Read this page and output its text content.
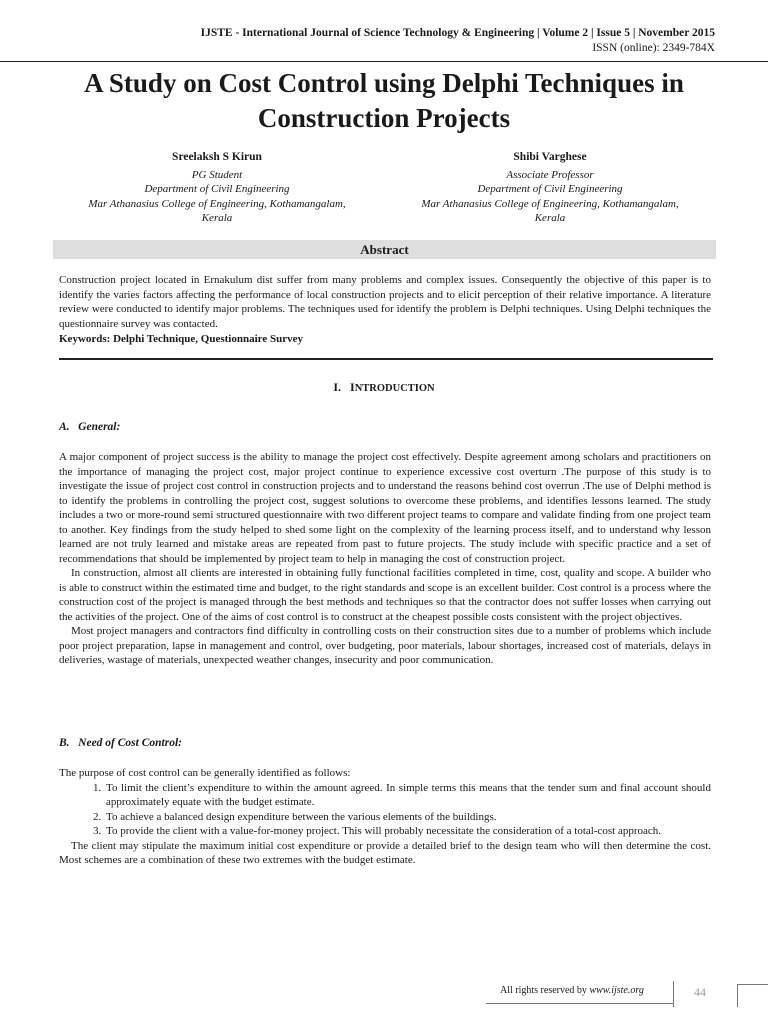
IJSTE - International Journal of Science Technology & Engineering | Volume 2 | Issue 5 | November 2015
ISSN (online): 2349-784X
A Study on Cost Control using Delphi Techniques in Construction Projects
Sreelaksh S Kirun
PG Student
Department of Civil Engineering
Mar Athanasius College of Engineering, Kothamangalam,
Kerala
Shibi Varghese
Associate Professor
Department of Civil Engineering
Mar Athanasius College of Engineering, Kothamangalam,
Kerala
Abstract
Construction project located in Ernakulum dist suffer from many problems and complex issues. Consequently the objective of this paper is to identify the varies factors affecting the performance of local construction projects and to elicit perception of their relative importance. A literature review were conducted to identify major problems. The techniques used for identify the problem is Delphi techniques. Using Delphi techniques the questionnaire survey was contacted.
Keywords: Delphi Technique, Questionnaire Survey
I. INTRODUCTION
A.   General:

A major component of project success is the ability to manage the project cost effectively. Despite agreement among scholars and practitioners on the importance of managing the project cost, major project continue to experience excessive cost overturn .The purpose of this study is to investigate the issue of project cost control in construction projects and to understand the reasons behind cost overrun .The use of Delphi method is to identify the problems in controlling the project cost, suggest solutions to overcome these problems, and identifies lessons learned. The study includes a two or more-round semi structured questionnaire with two different project teams to compare and validate finding from one project team to another. Key findings from the study helped to shed some light on the complexity of the learning process itself, and to understand why lesson learned are not truly learned and mistake areas are repeated from past to future projects. The study include with specific practice and a set of recommendations that should be implemented by project team to help in managing the cost of construction project.

In construction, almost all clients are interested in obtaining fully functional facilities completed in time, cost, quality and scope. A builder who is able to construct within the estimated time and budget, to the right standards and scope is an excellent builder. Cost control is a process where the construction cost of the project is managed through the best methods and techniques so that the contractor does not suffer losses when carrying out the activities of the project. One of the aims of cost control is to construct at the cheapest possible costs consistent with the project objectives.

Most project managers and contractors find difficulty in controlling costs on their construction sites due to a number of problems which include poor project preparation, lapse in management and control, over budgeting, poor materials, labour shortages, increased cost of materials, delays in deliveries, wastage of materials, unexpected weather changes, insecurity and poor communication.

B.   Need of Cost Control:

The purpose of cost control can be generally identified as follows:

1. To limit the client’s expenditure to within the amount agreed. In simple terms this means that the tender sum and final account should approximately equate with the budget estimate.
2. To achieve a balanced design expenditure between the various elements of the buildings.
3. To provide the client with a value-for-money project. This will probably necessitate the consideration of a total-cost approach.

The client may stipulate the maximum initial cost expenditure or provide a detailed brief to the design team who will then determine the cost. Most schemes are a combination of these two extremes with the budget estimate.

All rights reserved by www.ijste.org	44
